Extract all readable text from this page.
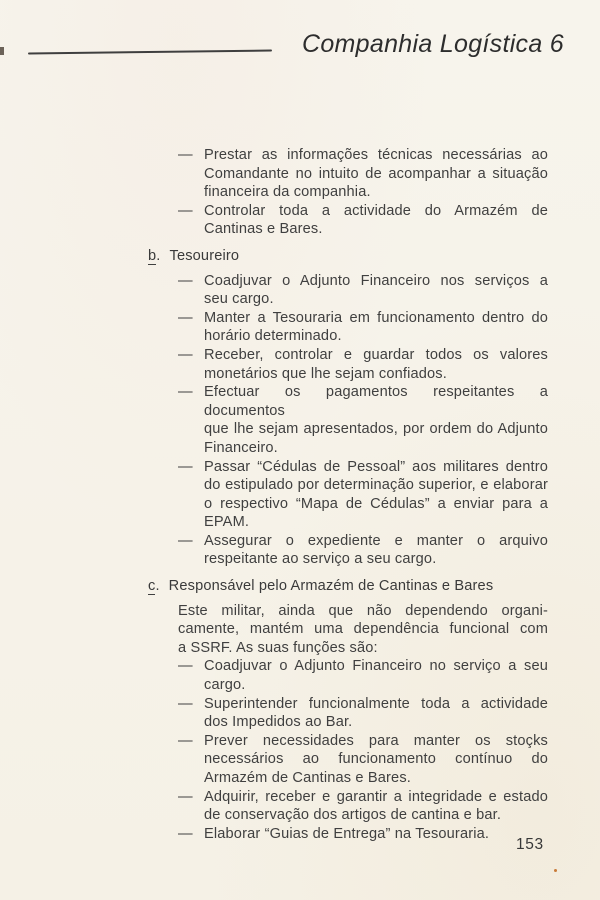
Companhia Logística 6
— Prestar as informações técnicas necessárias ao
Comandante no intuito de acompanhar a situação
financeira da companhia.
— Controlar toda a actividade do Armazém de
Cantinas e Bares.
b. Tesoureiro
— Coadjuvar o Adjunto Financeiro nos serviços a
seu cargo.
— Manter a Tesouraria em funcionamento dentro do
horário determinado.
— Receber, controlar e guardar todos os valores
monetários que lhe sejam confiados.
— Efectuar os pagamentos respeitantes a documentos
que lhe sejam apresentados, por ordem do Adjunto
Financeiro.
— Passar “Cédulas de Pessoal” aos militares dentro
do estipulado por determinação superior, e elaborar
o respectivo “Mapa de Cédulas” a enviar para a
EPAM.
— Assegurar o expediente e manter o arquivo
respeitante ao serviço a seu cargo.
c. Responsável pelo Armazém de Cantinas e Bares
Este militar, ainda que não dependendo organi-
camente, mantém uma dependência funcional com
a SSRF. As suas funções são:
— Coadjuvar o Adjunto Financeiro no serviço a seu
cargo.
— Superintender funcionalmente toda a actividade
dos Impedidos ao Bar.
— Prever necessidades para manter os stoçks
necessários ao funcionamento contínuo do
Armazém de Cantinas e Bares.
— Adquirir, receber e garantir a integridade e estado
de conservação dos artigos de cantina e bar.
— Elaborar “Guias de Entrega” na Tesouraria.
153
